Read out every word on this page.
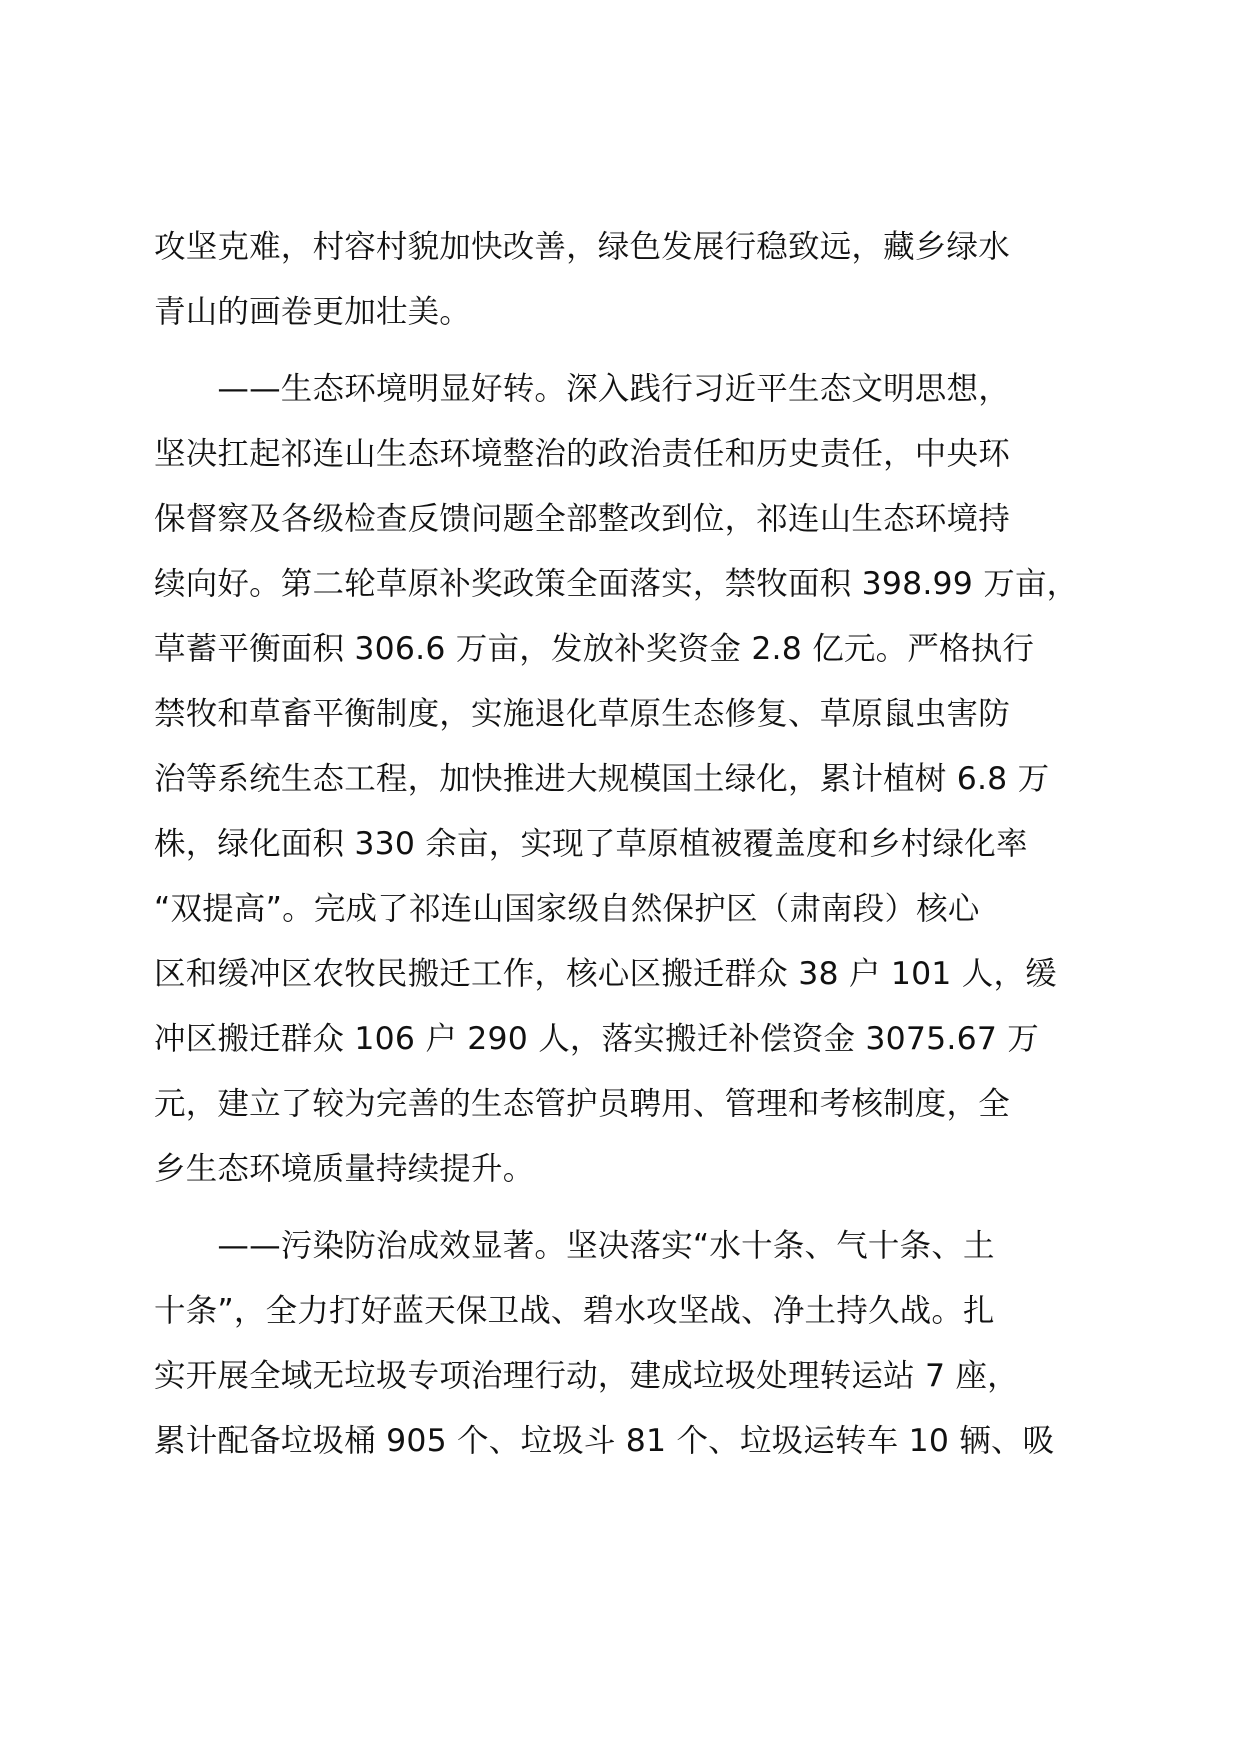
攻坚克难，村容村貌加快改善，绿色发展行稳致远，藏乡绿水
青山的画卷更加壮美。
　　——生态环境明显好转。深入践行习近平生态文明思想，
坚决扛起祁连山生态环境整治的政治责任和历史责任，中央环
保督察及各级检查反馈问题全部整改到位，祁连山生态环境持
续向好。第二轮草原补奖政策全面落实，禁牧面积 398.99 万亩，
草蓄平衡面积 306.6 万亩，发放补奖资金 2.8 亿元。严格执行
禁牧和草畜平衡制度，实施退化草原生态修复、草原鼠虫害防
治等系统生态工程，加快推进大规模国土绿化，累计植树 6.8 万
株，绿化面积 330 余亩，实现了草原植被覆盖度和乡村绿化率
“双提高”。完成了祁连山国家级自然保护区（肃南段）核心
区和缓冲区农牧民搬迁工作，核心区搬迁群众 38 户 101 人，缓
冲区搬迁群众 106 户 290 人，落实搬迁补偿资金 3075.67 万
元，建立了较为完善的生态管护员聘用、管理和考核制度，全
乡生态环境质量持续提升。
　　——污染防治成效显著。坚决落实“水十条、气十条、土
十条”，全力打好蓝天保卫战、碧水攻坚战、净土持久战。扎
实开展全域无垃圾专项治理行动，建成垃圾处理转运站 7 座，
累计配备垃圾桶 905 个、垃圾斗 81 个、垃圾运转车 10 辆、吸
